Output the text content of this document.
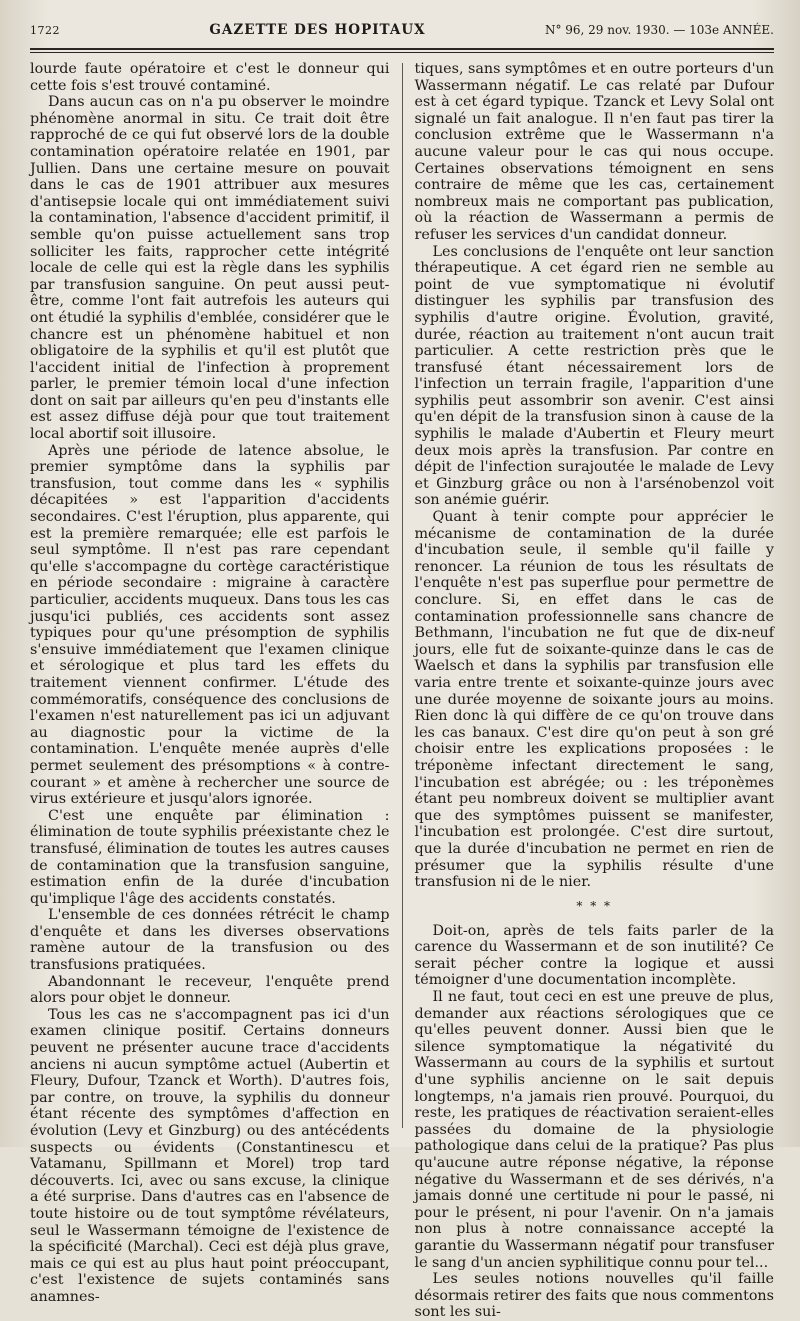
1722	GAZETTE DES HOPITAUX	N° 96, 29 nov. 1930. — 103e ANNÉE.

lourde faute opératoire et c'est le donneur qui cette fois s'est trouvé contaminé.

Dans aucun cas on n'a pu observer le moindre phénomène anormal in situ. Ce trait doit être rapproché de ce qui fut observé lors de la double contamination opératoire relatée en 1901, par Jullien. Dans une certaine mesure on pouvait dans le cas de 1901 attribuer aux mesures d'antisepsie locale qui ont immédiatement suivi la contamination, l'absence d'accident primitif, il semble qu'on puisse actuellement sans trop solliciter les faits, rapprocher cette intégrité locale de celle qui est la règle dans les syphilis par transfusion sanguine. On peut aussi peut-être, comme l'ont fait autrefois les auteurs qui ont étudié la syphilis d'emblée, considérer que le chancre est un phénomène habituel et non obligatoire de la syphilis et qu'il est plutôt que l'accident initial de l'infection à proprement parler, le premier témoin local d'une infection dont on sait par ailleurs qu'en peu d'instants elle est assez diffuse déjà pour que tout traitement local abortif soit illusoire.

Après une période de latence absolue, le premier symptôme dans la syphilis par transfusion, tout comme dans les « syphilis décapitées » est l'apparition d'accidents secondaires. C'est l'éruption, plus apparente, qui est la première remarquée; elle est parfois le seul symptôme. Il n'est pas rare cependant qu'elle s'accompagne du cortège caractéristique en période secondaire : migraine à caractère particulier, accidents muqueux. Dans tous les cas jusqu'ici publiés, ces accidents sont assez typiques pour qu'une présomption de syphilis s'ensuive immédiatement que l'examen clinique et sérologique et plus tard les effets du traitement viennent confirmer. L'étude des commémoratifs, conséquence des conclusions de l'examen n'est naturellement pas ici un adjuvant au diagnostic pour la victime de la contamination. L'enquête menée auprès d'elle permet seulement des présomptions « à contre-courant » et amène à rechercher une source de virus extérieure et jusqu'alors ignorée.

C'est une enquête par élimination : élimination de toute syphilis préexistante chez le transfusé, élimination de toutes les autres causes de contamination que la transfusion sanguine, estimation enfin de la durée d'incubation qu'implique l'âge des accidents constatés.

L'ensemble de ces données rétrécit le champ d'enquête et dans les diverses observations ramène autour de la transfusion ou des transfusions pratiquées.

Abandonnant le receveur, l'enquête prend alors pour objet le donneur.

Tous les cas ne s'accompagnent pas ici d'un examen clinique positif. Certains donneurs peuvent ne présenter aucune trace d'accidents anciens ni aucun symptôme actuel (Aubertin et Fleury, Dufour, Tzanck et Worth). D'autres fois, par contre, on trouve, la syphilis du donneur étant récente des symptômes d'affection en évolution (Levy et Ginzburg) ou des antécédents suspects ou évidents (Constantinescu et Vatamanu, Spillmann et Morel) trop tard découverts. Ici, avec ou sans excuse, la clinique a été surprise. Dans d'autres cas en l'absence de toute histoire ou de tout symptôme révélateurs, seul le Wassermann témoigne de l'existence de la spécificité (Marchal). Ceci est déjà plus grave, mais ce qui est au plus haut point préoccupant, c'est l'existence de sujets contaminés sans anamnes-

tiques, sans symptômes et en outre porteurs d'un Wassermann négatif. Le cas relaté par Dufour est à cet égard typique. Tzanck et Levy Solal ont signalé un fait analogue. Il n'en faut pas tirer la conclusion extrême que le Wassermann n'a aucune valeur pour le cas qui nous occupe. Certaines observations témoignent en sens contraire de même que les cas, certainement nombreux mais ne comportant pas publication, où la réaction de Wassermann a permis de refuser les services d'un candidat donneur.

Les conclusions de l'enquête ont leur sanction thérapeutique. A cet égard rien ne semble au point de vue symptomatique ni évolutif distinguer les syphilis par transfusion des syphilis d'autre origine. Évolution, gravité, durée, réaction au traitement n'ont aucun trait particulier. A cette restriction près que le transfusé étant nécessairement lors de l'infection un terrain fragile, l'apparition d'une syphilis peut assombrir son avenir. C'est ainsi qu'en dépit de la transfusion sinon à cause de la syphilis le malade d'Aubertin et Fleury meurt deux mois après la transfusion. Par contre en dépit de l'infection surajoutée le malade de Levy et Ginzburg grâce ou non à l'arsénobenzol voit son anémie guérir.

Quant à tenir compte pour apprécier le mécanisme de contamination de la durée d'incubation seule, il semble qu'il faille y renoncer. La réunion de tous les résultats de l'enquête n'est pas superflue pour permettre de conclure. Si, en effet dans le cas de contamination professionnelle sans chancre de Bethmann, l'incubation ne fut que de dix-neuf jours, elle fut de soixante-quinze dans le cas de Waelsch et dans la syphilis par transfusion elle varia entre trente et soixante-quinze jours avec une durée moyenne de soixante jours au moins. Rien donc là qui diffère de ce qu'on trouve dans les cas banaux. C'est dire qu'on peut à son gré choisir entre les explications proposées : le tréponème infectant directement le sang, l'incubation est abrégée; ou : les tréponèmes étant peu nombreux doivent se multiplier avant que des symptômes puissent se manifester, l'incubation est prolongée. C'est dire surtout, que la durée d'incubation ne permet en rien de présumer que la syphilis résulte d'une transfusion ni de le nier.

* * *

Doit-on, après de tels faits parler de la carence du Wassermann et de son inutilité? Ce serait pécher contre la logique et aussi témoigner d'une documentation incomplète.

Il ne faut, tout ceci en est une preuve de plus, demander aux réactions sérologiques que ce qu'elles peuvent donner. Aussi bien que le silence symptomatique la négativité du Wassermann au cours de la syphilis et surtout d'une syphilis ancienne on le sait depuis longtemps, n'a jamais rien prouvé. Pourquoi, du reste, les pratiques de réactivation seraient-elles passées du domaine de la physiologie pathologique dans celui de la pratique? Pas plus qu'aucune autre réponse négative, la réponse négative du Wassermann et de ses dérivés, n'a jamais donné une certitude ni pour le passé, ni pour le présent, ni pour l'avenir. On n'a jamais non plus à notre connaissance accepté la garantie du Wassermann négatif pour transfuser le sang d'un ancien syphilitique connu pour tel...

Les seules notions nouvelles qu'il faille désormais retirer des faits que nous commentons sont les sui-
